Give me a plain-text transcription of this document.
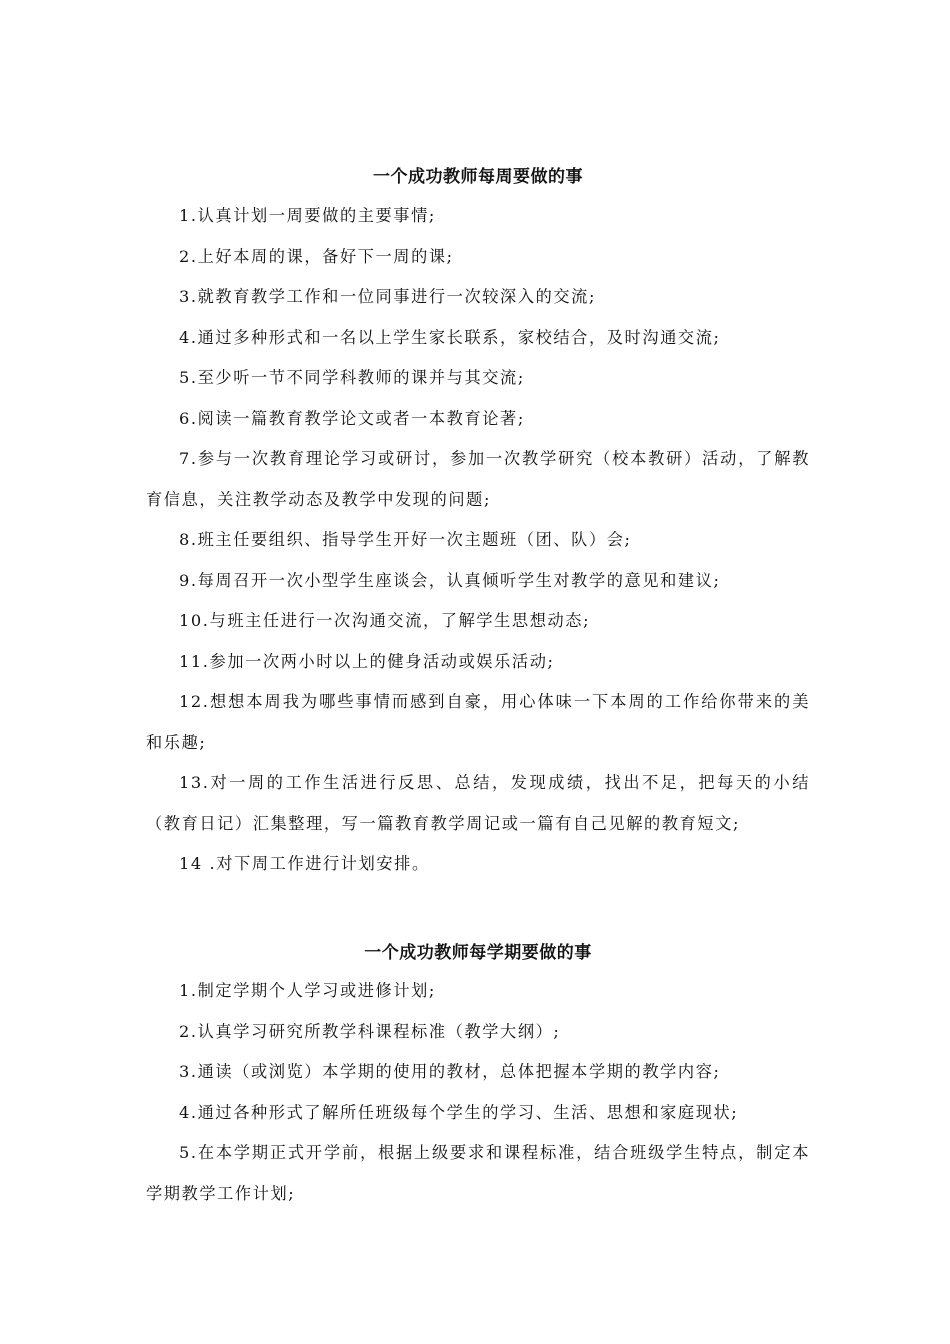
一个成功教师每周要做的事
1.认真计划一周要做的主要事情;
2.上好本周的课，备好下一周的课;
3.就教育教学工作和一位同事进行一次较深入的交流;
4.通过多种形式和一名以上学生家长联系，家校结合，及时沟通交流;
5.至少听一节不同学科教师的课并与其交流;
6.阅读一篇教育教学论文或者一本教育论著;
7.参与一次教育理论学习或研讨，参加一次教学研究（校本教研）活动，了解教育信息，关注教学动态及教学中发现的问题;
8.班主任要组织、指导学生开好一次主题班（团、队）会;
9.每周召开一次小型学生座谈会，认真倾听学生对教学的意见和建议;
10.与班主任进行一次沟通交流，了解学生思想动态;
11.参加一次两小时以上的健身活动或娱乐活动;
12.想想本周我为哪些事情而感到自豪，用心体味一下本周的工作给你带来的美和乐趣;
13.对一周的工作生活进行反思、总结，发现成绩，找出不足，把每天的小结（教育日记）汇集整理，写一篇教育教学周记或一篇有自己见解的教育短文;
14 .对下周工作进行计划安排。
一个成功教师每学期要做的事
1.制定学期个人学习或进修计划;
2.认真学习研究所教学科课程标准（教学大纲）;
3.通读（或浏览）本学期的使用的教材，总体把握本学期的教学内容;
4.通过各种形式了解所任班级每个学生的学习、生活、思想和家庭现状;
5.在本学期正式开学前，根据上级要求和课程标准，结合班级学生特点，制定本学期教学工作计划;
